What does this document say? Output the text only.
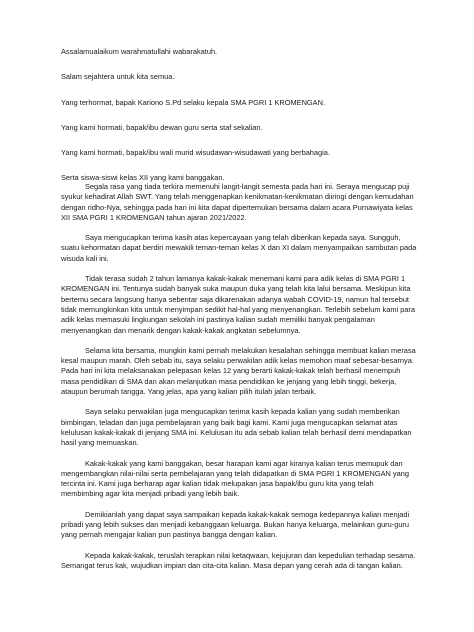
Assalamualaikum warahmatullahi wabarakatuh.

Salam sejahtera untuk kita semua.

Yang terhormat, bapak Kariono S.Pd selaku kepala SMA PGRI 1 KROMENGAN.

Yang kami hormati, bapak/ibu dewan guru serta staf sekalian.

Yang kami hormati, bapak/ibu wali murid wisudawan-wisudawati yang berbahagia.

Serta siswa-siswi kelas XII yang kami banggakan.

Segala rasa yang tiada terkira memenuhi langit-langit semesta pada hari ini. Seraya mengucap puji syukur kehadirat Allah SWT. Yang telah menggenapkan kenikmatan-kenikmatan diiringi dengan kemudahan dengan ridho-Nya, sehingga pada hari ini kita dapat dipertemukan bersama dalam acara Purnawiyata kelas XII SMA PGRI 1 KROMENGAN tahun ajaran 2021/2022.

Saya mengucapkan terima kasih atas kepercayaan yang telah diberikan kepada saya. Sungguh, suatu kehormatan dapat berdiri mewakili teman-teman kelas X dan XI dalam menyampaikan sambutan pada wisuda kali ini.

Tidak terasa sudah 2 tahun lamanya kakak-kakak menemani kami para adik kelas di SMA PGRI 1 KROMENGAN ini. Tentunya sudah banyak suka maupun duka yang telah kita lalui bersama. Meskipun kita bertemu secara langsung hanya sebentar saja dikarenakan adanya wabah COVID-19, namun hal tersebut tidak memungkinkan kita untuk menyimpan sedikit hal-hal yang menyenangkan. Terlebih sebelum kami para adik kelas memasuki lingkungan sekolah ini pastinya kalian sudah memiliki banyak pengalaman menyenangkan dan menarik dengan kakak-kakak angkatan sebelumnya.

Selama kita bersama, mungkin kami pernah melakukan kesalahan sehingga membuat kalian merasa kesal maupun marah. Oleh sebab itu, saya selaku perwakilan adik kelas memohon maaf sebesar-besarnya. Pada hari ini kita melaksanakan pelepasan kelas 12 yang berarti kakak-kakak telah berhasil menempuh masa pendidikan di SMA dan akan melanjutkan masa pendidikan ke jenjang yang lebih tinggi, bekerja, ataupun berumah tangga. Yang jelas, apa yang kalian pilih itulah jalan terbaik.

Saya selaku perwakilan juga mengucapkan terima kasih kepada kalian yang sudah memberikan bimbingan, teladan dan juga pembelajaran yang baik bagi kami. Kami juga mengucapkan selamat atas kelulusan kakak-kakak di jenjang SMA ini. Kelulusan itu ada sebab kalian telah berhasil demi mendapatkan hasil yang memuaskan.

Kakak-kakak yang kami banggakan, besar harapan kami agar kiranya kalian terus memupuk dan mengembangkan nilai-nilai serta pembelajaran yang telah didapatkan di SMA PGRI 1 KROMENGAN yang tercinta ini. Kami juga berharap agar kalian tidak melupakan jasa bapak/ibu guru kita yang telah membimbing agar kita menjadi pribadi yang lebih baik.

Demikianlah yang dapat saya sampaikan kepada kakak-kakak semoga kedepannya kalian menjadi pribadi yang lebih sukses dan menjadi kebanggaan keluarga. Bukan hanya keluarga, melainkan guru-guru yang pernah mengajar kalian pun pastinya bangga dengan kalian.

Kepada kakak-kakak, teruslah terapkan nilai ketaqwaan, kejujuran dan kepedulian terhadap sesama. Semangat terus kak, wujudkan impian dan cita-cita kalian. Masa depan yang cerah ada di tangan kalian.
